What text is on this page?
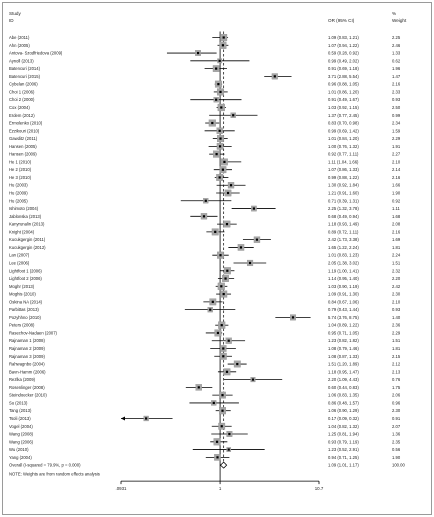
Study
ID	OR (95% CI)
%
Weight
Abe (2011)	1.09 (0.83, 1.21)	2.25
Ahn (2005)	1.07 (0.94, 1.22)	2.46
Antova- Szodfriedova (2009)	0.59 (0.28, 0.92)	1.33
Aynoll (2013)	0.99 (0.49, 2.02)	0.62
Batencuri (2014)	0.91 (0.69, 1.18)	1.96
Batencuri (2015)	3.71 (2.88, 5.54)	1.47
Cybelan (2006)	0.96 (0.88, 1.05)	2.16
Choi 1 (2006)	1.01 (0.86, 1.20)	2.33
Choi 2 (2000)	0.91 (0.49, 1.67)	0.93
Cox (2004)	1.03 (0.92, 1.15)	2.50
Erdem (2012)	1.37 (0.77, 2.45)	0.99
Ermolenko (2010)	0.83 (0.70, 0.98)	2.34
Ezzikouri (2010)	0.99 (0.69, 1.42)	1.59
Gawditz (2011)	1.01 (0.84, 1.20)	2.29
Hansen (2005)	1.00 (0.76, 1.32)	1.91
Hansen (2009)	0.92 (0.77, 1.11)	2.27
He 1 (2010)	1.11 (1.04, 1.66)	2.10
He 2 (2010)	1.07 (0.86, 1.33)	2.14
He 3 (2010)	0.99 (0.88, 1.22)	2.16
Hu (2003)	1.30 (0.92, 1.84)	1.66
Hu (2009)	1.21 (0.91, 1.60)	1.90
Hu (2005)	0.71 (0.39, 1.31)	0.92
Ishimoto (2004)	2.25 (1.32, 3.78)	1.11
Jablonska (2013)	0.68 (0.49, 0.94)	1.68
Kanyrunalin (2013)	1.18 (0.93, 1.49)	2.08
Knight (2004)	0.89 (0.72, 1.11)	2.16
Kucukgergin (2011)	2.42 (1.73, 3.38)	1.69
Kucukgergin (2012)	1.65 (1.22, 2.24)	1.81
Lan (2007)	1.01 (0.83, 1.23)	2.24
Lee (2006)	2.05 (1.38, 3.02)	1.51
Lightfoot 1 (2006)	1.19 (1.00, 1.41)	2.32
Lightfoot 2 (2006)	1.14 (0.95, 1.40)	2.20
Moghr (2013)	1.03 (0.90, 1.19)	2.42
Moghis (2010)	1.09 (0.91, 1.30)	2.30
Oskina NA (2014)	0.84 (0.67, 1.06)	2.10
Parbittas (2013)	0.79 (0.43, 1.44)	0.93
Pozyhhno (2010)	5.74 (3.76, 8.75)	1.40
Peters (2008)	1.04 (0.89, 1.22)	2.36
Rasechov-Nadaen (2007)	0.95 (0.71, 1.05)	2.29
Rajnaman 1 (2008)	1.23 (0.82, 1.82)	1.51
Rajnaman 2 (2009)	1.08 (0.79, 1.46)	1.81
Rajnaman 3 (2009)	1.08 (0.87, 1.33)	2.15
Rahwagnbo (2004)	1.51 (1.20, 1.89)	2.12
Bavn-Hamm (2006)	1.18 (0.95, 1.47)	2.13
Rezlka (2009)	2.20 (1.09, 4.43)	0.76
Rosenlinger (2008)	0.60 (0.44, 0.83)	1.75
Steindoecker (2010)	1.06 (0.83, 1.35)	2.06
Su (2013)	0.86 (0.48, 1.57)	0.96
Tang (2013)	1.06 (0.90, 1.29)	2.30
Tsoli (2013)	0.17 (0.09, 0.32)	0.91
Vogel (2004)	1.04 (0.82, 1.32)	2.07
Wang (2008)	1.25 (0.81, 1.94)	1.36
Wang (2006)	0.93 (0.79, 1.19)	2.35
Wu (2010)	1.23 (0.52, 2.91)	0.56
Yang (2004)	0.94 (0.71, 1.25)	1.90
Overall (I-squared = 79.9%, p = 0.000)	1.09 (1.01, 1.17)	100.00
NOTE: Weights are from random effects analysis
.0931	1	10.7
